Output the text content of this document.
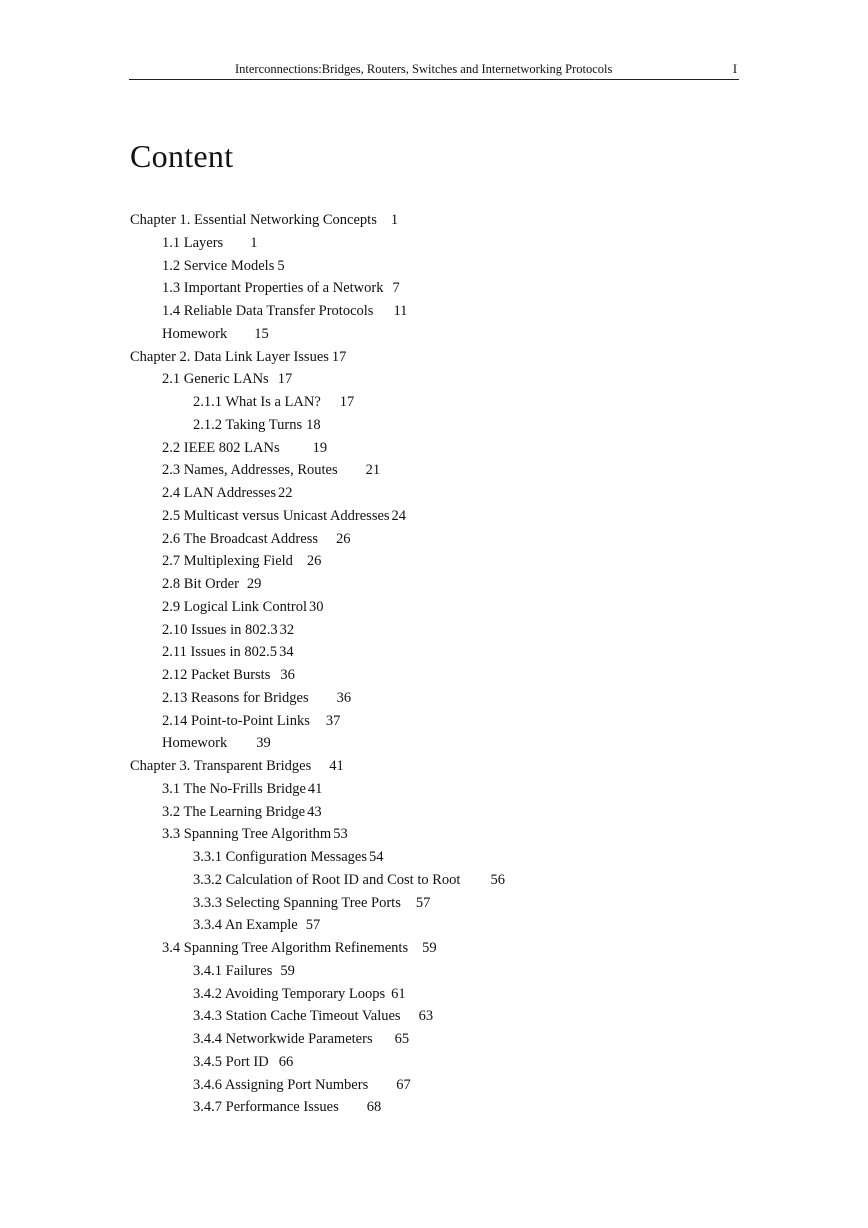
Interconnections:Bridges, Routers, Switches and Internetworking Protocols	I
Content
Chapter 1. Essential Networking Concepts 1
1.1 Layers 1
1.2 Service Models 5
1.3 Important Properties of a Network 7
1.4 Reliable Data Transfer Protocols 11
Homework 15
Chapter 2. Data Link Layer Issues 17
2.1 Generic LANs 17
2.1.1 What Is a LAN? 17
2.1.2 Taking Turns 18
2.2 IEEE 802 LANs 19
2.3 Names, Addresses, Routes 21
2.4 LAN Addresses 22
2.5 Multicast versus Unicast Addresses 24
2.6 The Broadcast Address 26
2.7 Multiplexing Field 26
2.8 Bit Order 29
2.9 Logical Link Control 30
2.10 Issues in 802.3 32
2.11 Issues in 802.5 34
2.12 Packet Bursts 36
2.13 Reasons for Bridges 36
2.14 Point-to-Point Links 37
Homework 39
Chapter 3. Transparent Bridges 41
3.1 The No-Frills Bridge 41
3.2 The Learning Bridge 43
3.3 Spanning Tree Algorithm 53
3.3.1 Configuration Messages 54
3.3.2 Calculation of Root ID and Cost to Root 56
3.3.3 Selecting Spanning Tree Ports 57
3.3.4 An Example 57
3.4 Spanning Tree Algorithm Refinements 59
3.4.1 Failures 59
3.4.2 Avoiding Temporary Loops 61
3.4.3 Station Cache Timeout Values 63
3.4.4 Networkwide Parameters 65
3.4.5 Port ID 66
3.4.6 Assigning Port Numbers 67
3.4.7 Performance Issues 68
